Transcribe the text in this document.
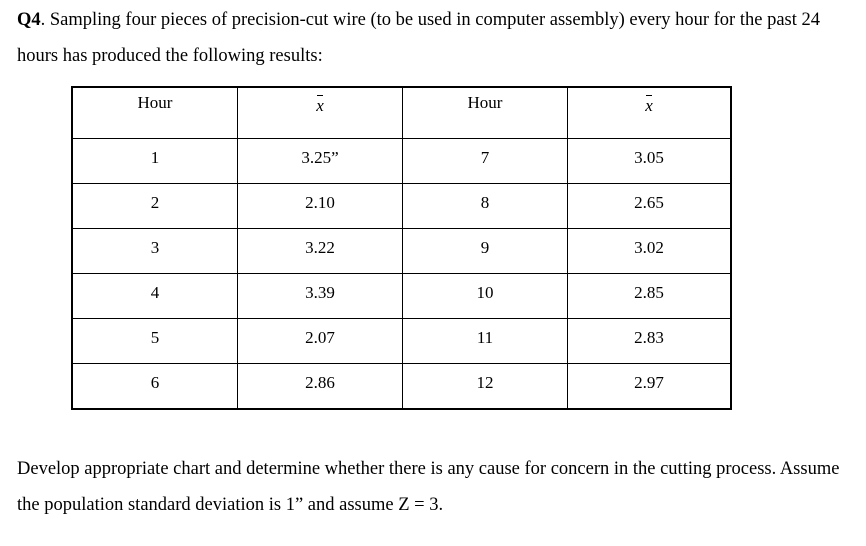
Q4. Sampling four pieces of precision-cut wire (to be used in computer assembly) every hour for the past 24 hours has produced the following results:
Hour	x	Hour	x

1	3.25”	7	3.05

2	2.10	8	2.65

3	3.22	9	3.02

4	3.39	10	2.85

5	2.07	11	2.83

6	2.86	12	2.97
Develop appropriate chart and determine whether there is any cause for concern in the cutting process. Assume the population standard deviation is 1” and assume Z = 3.
